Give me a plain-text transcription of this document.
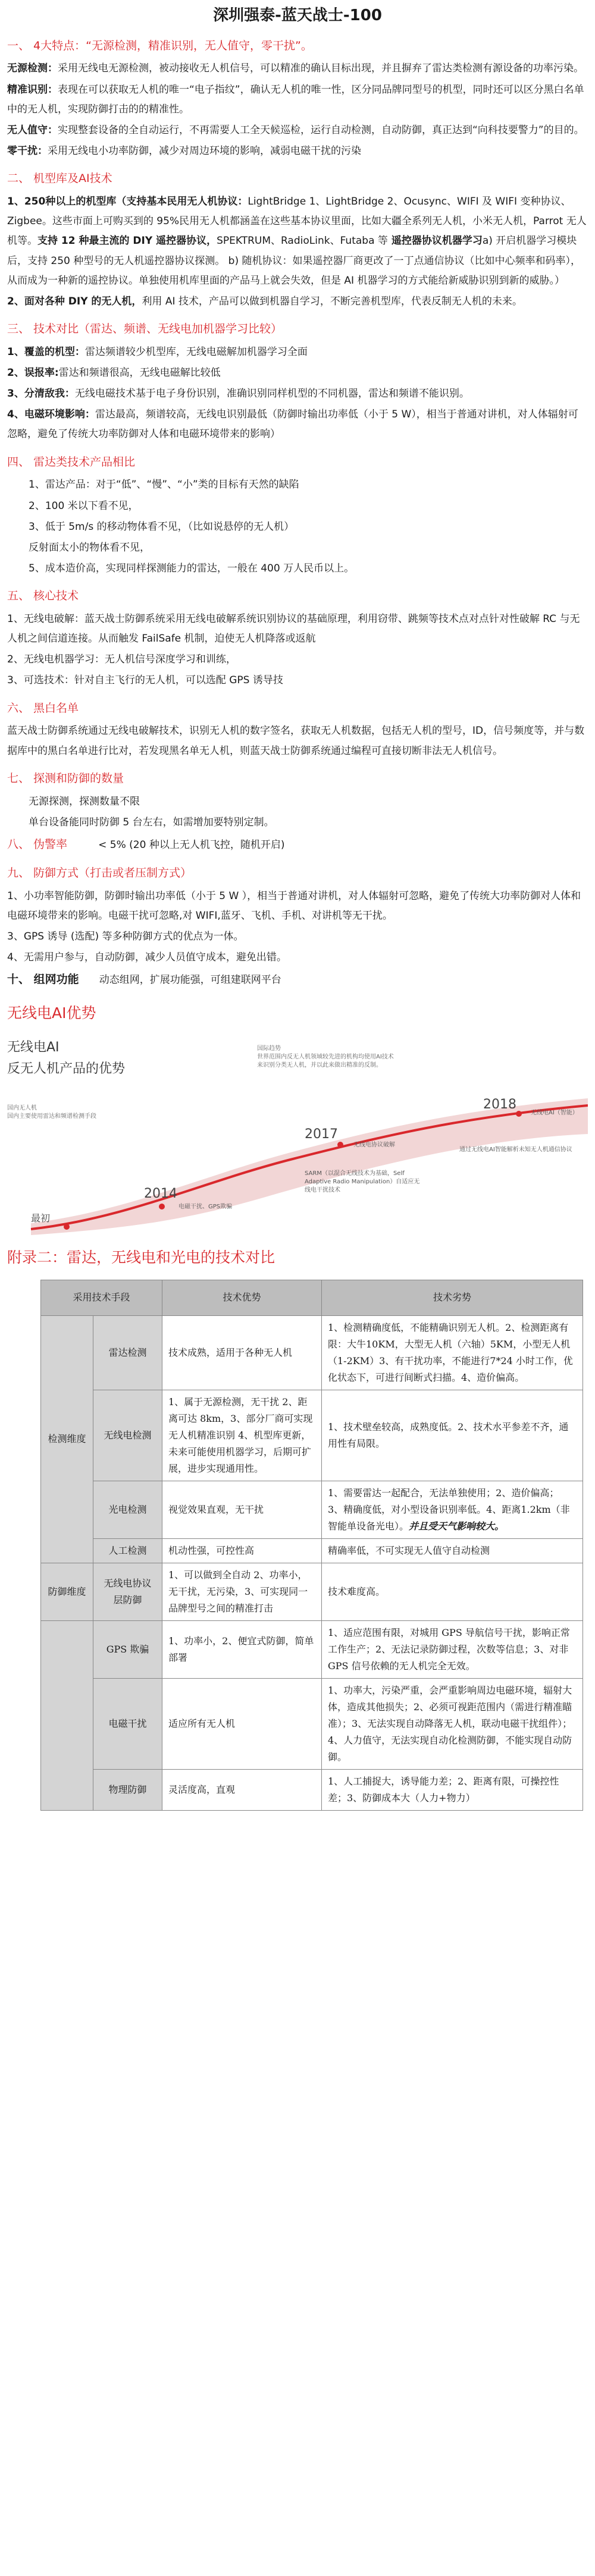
深圳强泰-蓝天战士-100
一、 4大特点：“无源检测，精准识别，无人值守，零干扰”。
无源检测：采用无线电无源检测，被动接收无人机信号，可以精准的确认目标出现，并且摒弃了雷达类检测有源设备的功率污染。
精准识别：表现在可以获取无人机的唯一“电子指纹”，确认无人机的唯一性，区分同品牌同型号的机型，同时还可以区分黑白名单中的无人机，实现防御打击的的精准性。
无人值守：实现整套设备的全自动运行，不再需要人工全天候巡检，运行自动检测，自动防御，真正达到“向科技要警力”的目的。
零干扰：采用无线电小功率防御，减少对周边环境的影响，减弱电磁干扰的污染
二、 机型库及AI技术
1、250种以上的机型库（支持基本民用无人机协议：LightBridge 1、LightBridge 2、Ocusync、WIFI 及 WIFI 变种协议、Zigbee。这些市面上可购买到的 95%民用无人机都涵盖在这些基本协议里面，比如大疆全系列无人机，小米无人机，Parrot 无人机等。支持 12 种最主流的 DIY 遥控器协议，SPEKTRUM、RadioLink、Futaba 等 遥控器协议机器学习a) 开启机器学习模块后，支持 250 种型号的无人机遥控器协议探测。 b) 随机协议：如果遥控器厂商更改了一丁点通信协议（比如中心频率和码率），从而成为一种新的遥控协议。单独使用机库里面的产品马上就会失效，但是 AI 机器学习的方式能给新威胁识别到新的威胁。）
2、面对各种 DIY 的无人机，利用 AI 技术，产品可以做到机器自学习，不断完善机型库，代表反制无人机的未来。
三、 技术对比（雷达、频谱、无线电加机器学习比较）
1、覆盖的机型：雷达频谱较少机型库，无线电磁解加机器学习全面
2、误报率:雷达和频谱很高，无线电磁解比较低
3、分清敌我：无线电磁技术基于电子身份识别，准确识别同样机型的不同机器，雷达和频谱不能识别。
4、电磁环境影响：雷达最高，频谱较高，无线电识别最低（防御时输出功率低（小于 5 W），相当于普通对讲机，对人体辐射可忽略，避免了传统大功率防御对人体和电磁环境带来的影响）
四、 雷达类技术产品相比
1、雷达产品：对于“低”、“慢”、“小”类的目标有天然的缺陷
2、100 米以下看不见，
3、低于 5m/s 的移动物体看不见，（比如说悬停的无人机）
反射面太小的物体看不见，
5、成本造价高，实现同样探测能力的雷达，一般在 400 万人民币以上。
五、 核心技术
1、无线电破解：蓝天战士防御系统采用无线电破解系统识别协议的基础原理，利用窃带、跳频等技术点对点针对性破解 RC 与无人机之间信道连接。从而触发 FailSafe 机制，迫使无人机降落或返航
2、无线电机器学习：无人机信号深度学习和训练，
3、可选技术：针对自主飞行的无人机，可以选配 GPS 诱导技
六、 黑白名单
蓝天战士防御系统通过无线电破解技术，识别无人机的数字签名，获取无人机数据，包括无人机的型号，ID，信号频度等，并与数据库中的黑白名单进行比对，若发现黑名单无人机，则蓝天战士防御系统通过编程可直接切断非法无人机信号。
七、 探测和防御的数量
无源探测，探测数量不限
单台设备能同时防御 5 台左右，如需增加要特别定制。
八、 伪警率	< 5% (20 种以上无人机飞控，随机开启)
九、 防御方式（打击或者压制方式）
1、小功率智能防御，防御时输出功率低（小于 5 W ），相当于普通对讲机，对人体辐射可忽略，避免了传统大功率防御对人体和电磁环境带来的影响。电磁干扰可忽略,对 WIFI,蓝牙、飞机、手机、对讲机等无干扰。
3、GPS 诱导 (选配) 等多种防御方式的优点为一体。
4、无需用户参与，自动防御，减少人员值守成本，避免出错。
十、 组网功能 动态组网，扩展功能强，可组建联网平台
无线电AI优势
无线电AI
反无人机产品的优势
国内无人机
国内主要使用雷达和频谱检测手段
国际趋势
世界范围内反无人机领域较先进的机构均使用AI技术来识别分类无人机，并以此来做出精准的反制。
最初
2014
2017
2018
电磁干扰、GPS欺骗
无线电协议破解
无线电AI（智能）
SARM（以混合无线技术为基础，Self Adaptive Radio Manipulation）自适应无线电干扰技术
通过无线电AI智能解析未知无人机通信协议
附录二：雷达，无线电和光电的技术对比
采用技术手段		技术优势	技术劣势
检测维度	雷达检测	技术成熟，适用于各种无人机	1、检测精确度低，不能精确识别无人机。2、检测距离有限：大牛10KM，大型无人机（六轴）5KM，小型无人机（1-2KM）3、有干扰功率，不能进行7*24 小时工作，优化状态下，可进行间断式扫描。4、造价偏高。
	无线电检测	1、属于无源检测，无干扰 2、距离可达 8km，3、部分厂商可实现无人机精准识别 4、机型库更新，未来可能使用机器学习，后期可扩展，进步实现通用性。	1、技术壁垒较高，成熟度低。2、技术水平参差不齐，通用性有局限。
	光电检测	视觉效果直观，无干扰	1、需要雷达一起配合，无法单独使用；2、造价偏高； 3、精确度低，对小型设备识别率低。4、距离1.2km（非智能单设备光电）。并且受天气影响较大。
	人工检测	机动性强，可控性高	精确率低，不可实现无人值守自动检测
防御维度	无线电协议层防御	1、可以做到全自动 2、功率小，无干扰，无污染，3、可实现同一品牌型号之间的精准打击	技术难度高。
	GPS 欺骗	1、功率小，2、便宜式防御，简单部署	1、适应范围有限，对城用 GPS 导航信号干扰，影响正常工作生产；2、无法记录防御过程，次数等信息；3、对非 GPS 信号依赖的无人机完全无效。
	电磁干扰	适应所有无人机	1、功率大，污染严重，会严重影响周边电磁环境，辐射大体，造成其他损失；2、必须可视距范围内（需进行精准瞄准）；3、无法实现自动降落无人机，联动电磁干扰组件）；4、人力值守，无法实现自动化检测防御，不能实现自动防御。
	物理防御	灵活度高，直观	1、人工捕捉大，诱导能力差；2、距离有限，可操控性差；3、防御成本大（人力+物力）
